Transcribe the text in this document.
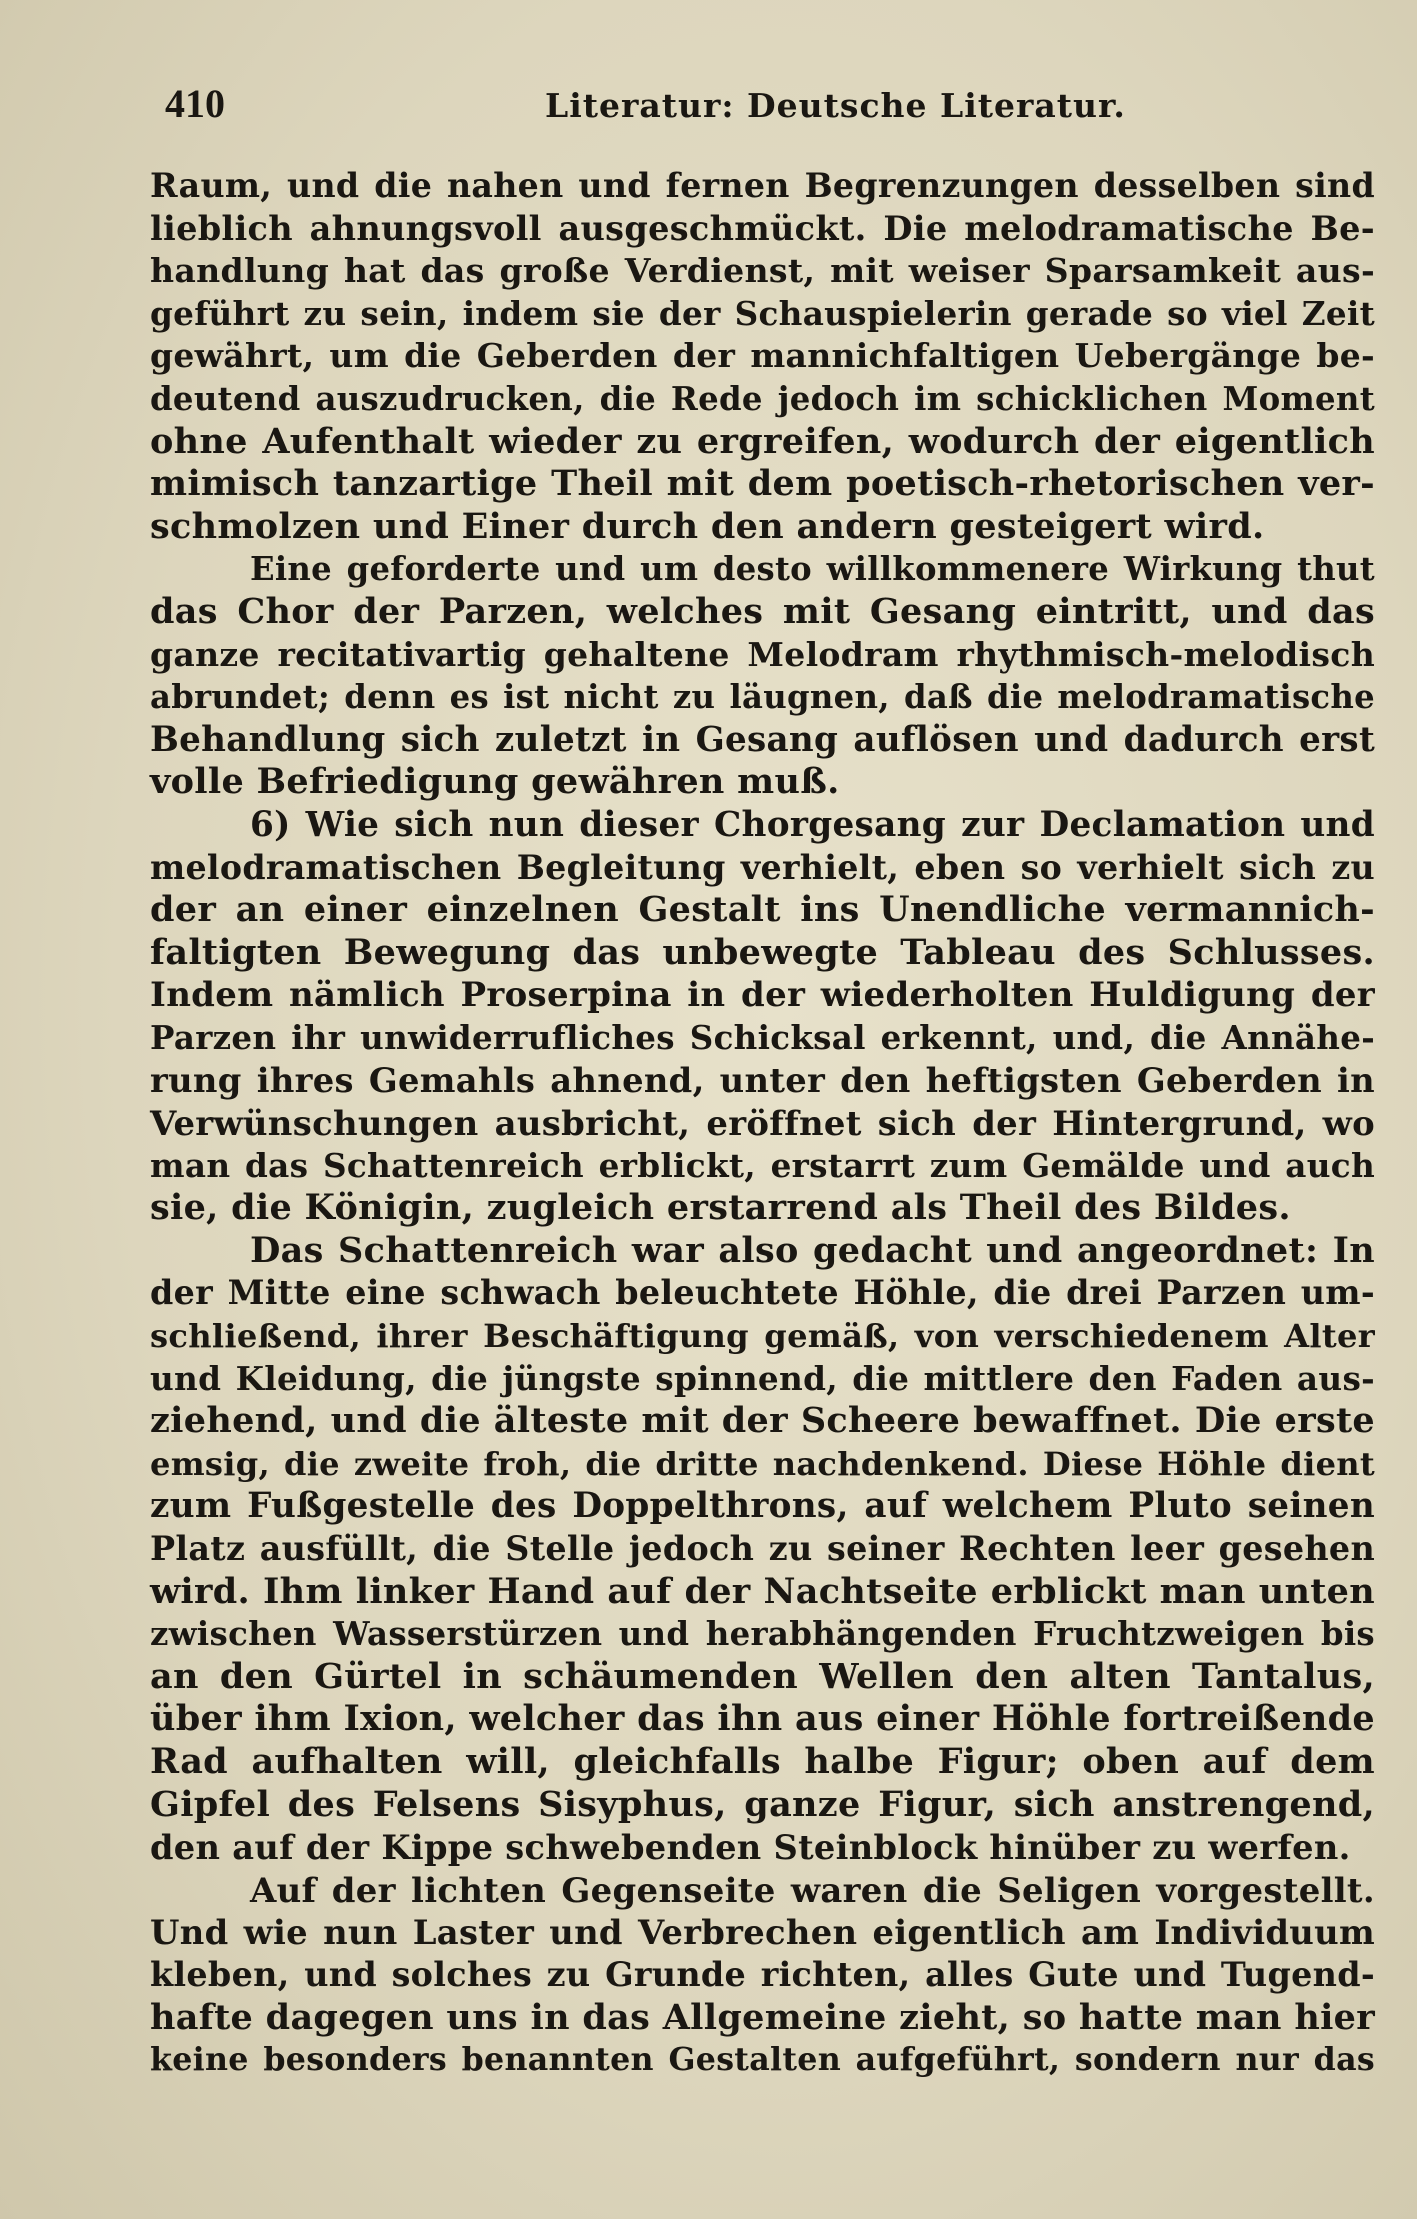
410	Literatur: Deutsche Literatur.
Raum, und die nahen und fernen Begrenzungen desselben sind
lieblich ahnungsvoll ausgeschmückt. Die melodramatische Be-
handlung hat das große Verdienst, mit weiser Sparsamkeit aus-
geführt zu sein, indem sie der Schauspielerin gerade so viel Zeit
gewährt, um die Geberden der mannichfaltigen Uebergänge be-
deutend auszudrucken, die Rede jedoch im schicklichen Moment
ohne Aufenthalt wieder zu ergreifen, wodurch der eigentlich
mimisch tanzartige Theil mit dem poetisch-rhetorischen ver-
schmolzen und Einer durch den andern gesteigert wird.
Eine geforderte und um desto willkommenere Wirkung thut
das Chor der Parzen, welches mit Gesang eintritt, und das
ganze recitativartig gehaltene Melodram rhythmisch-melodisch
abrundet; denn es ist nicht zu läugnen, daß die melodramatische
Behandlung sich zuletzt in Gesang auflösen und dadurch erst
volle Befriedigung gewähren muß.
6) Wie sich nun dieser Chorgesang zur Declamation und
melodramatischen Begleitung verhielt, eben so verhielt sich zu
der an einer einzelnen Gestalt ins Unendliche vermannich-
faltigten Bewegung das unbewegte Tableau des Schlusses.
Indem nämlich Proserpina in der wiederholten Huldigung der
Parzen ihr unwiderrufliches Schicksal erkennt, und, die Annähe-
rung ihres Gemahls ahnend, unter den heftigsten Geberden in
Verwünschungen ausbricht, eröffnet sich der Hintergrund, wo
man das Schattenreich erblickt, erstarrt zum Gemälde und auch
sie, die Königin, zugleich erstarrend als Theil des Bildes.
Das Schattenreich war also gedacht und angeordnet: In
der Mitte eine schwach beleuchtete Höhle, die drei Parzen um-
schließend, ihrer Beschäftigung gemäß, von verschiedenem Alter
und Kleidung, die jüngste spinnend, die mittlere den Faden aus-
ziehend, und die älteste mit der Scheere bewaffnet. Die erste
emsig, die zweite froh, die dritte nachdenkend. Diese Höhle dient
zum Fußgestelle des Doppelthrons, auf welchem Pluto seinen
Platz ausfüllt, die Stelle jedoch zu seiner Rechten leer gesehen
wird. Ihm linker Hand auf der Nachtseite erblickt man unten
zwischen Wasserstürzen und herabhängenden Fruchtzweigen bis
an den Gürtel in schäumenden Wellen den alten Tantalus,
über ihm Ixion, welcher das ihn aus einer Höhle fortreißende
Rad aufhalten will, gleichfalls halbe Figur; oben auf dem
Gipfel des Felsens Sisyphus, ganze Figur, sich anstrengend,
den auf der Kippe schwebenden Steinblock hinüber zu werfen.
Auf der lichten Gegenseite waren die Seligen vorgestellt.
Und wie nun Laster und Verbrechen eigentlich am Individuum
kleben, und solches zu Grunde richten, alles Gute und Tugend-
hafte dagegen uns in das Allgemeine zieht, so hatte man hier
keine besonders benannten Gestalten aufgeführt, sondern nur das
